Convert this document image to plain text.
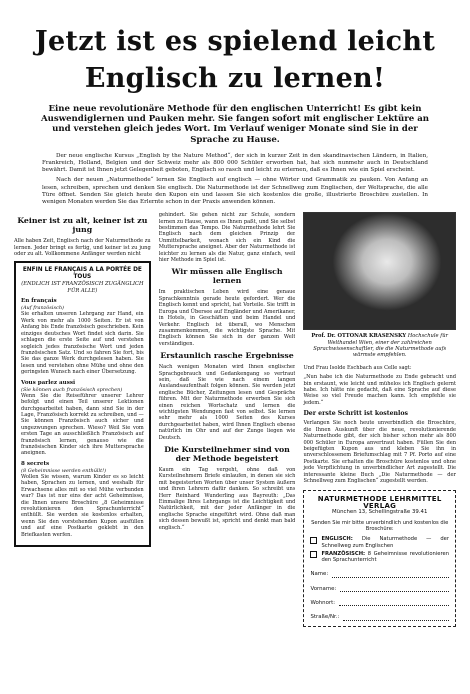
Jetzt ist es spielend leicht
Englisch zu lernen!
Eine neue revolutionäre Methode für den englischen Unterricht! Es gibt kein Auswendiglernen und Pauken mehr. Sie fangen sofort mit englischer Lektüre an und verstehen gleich jedes Wort. Im Verlauf weniger Monate sind Sie in der Sprache zu Hause.

Der neue englische Kursus „English by the Nature Method“, der sich in kurzer Zeit in den skandinavischen Ländern, in Italien, Frankreich, Holland, Belgien und der Schweiz mehr als 800 000 Schüler erworben hat, hat sich nunmehr auch in Deutschland bewährt. Damit ist Ihnen jetzt Gelegenheit geboten, Englisch so rasch und leicht zu erlernen, daß es Ihnen wie ein Spiel erscheint.

Nach der neuen „Naturmethode“ lernen Sie Englisch auf englisch — ohne Wörter und Grammatik zu pauken. Von Anfang an lesen, schreiben, sprechen und denken Sie englisch. Die Naturmethode ist der Schnellweg zum Englischen, der Weltsprache, die alle Türe öffnet. Senden Sie gleich heute den Kupon ein und lassen Sie sich kostenlos die große, illustrierte Broschüre zustellen. In wenigen Monaten werden Sie das Erlernte schon in der Praxis anwenden können.

Keiner ist zu alt, keiner ist zu jung

Alle haben Zeit, Englisch nach der Naturmethode zu lernen. Jeder bringt es fertig, und keiner ist zu jung oder zu alt. Vollkommene Anfänger werden nicht

ENFIN LE FRANÇAIS A LA PORTÉE DE TOUS
(ENDLICH IST FRANZÖSISCH ZUGÄNGLICH FÜR ALLE)
En français
(Auf französisch)

Sie erhalten unseren Lehrgang zur Hand, ein Werk von mehr als 1000 Seiten. Er ist von Anfang bis Ende französisch geschrieben. Kein einziges deutsches Wort findet sich darin. Sie schlagen die erste Seite auf und verstehen sogleich jedes französische Wort und jeden französischen Satz. Und so fahren Sie fort, bis Sie das ganze Werk durchgelesen haben. Sie lesen und verstehen ohne Mühe und ohne den geringsten Wunsch nach einer Übersetzung.

Vous parlez aussi
(Sie können auch französisch sprechen)

Wenn Sie die Reiseführer unserer Lehrer befolgt und einen Teil unserer Lektionen durchgearbeitet haben, dann sind Sie in der Lage, Französisch korrekt zu schreiben, und — Sie können Französisch auch sicher und ungezwungen sprechen. Wieso? Weil Sie vom ersten Tage an ausschließlich Französisch auf französisch lernen, genauso wie die französischen Kinder sich ihre Muttersprache aneignen.

8 secrets
(8 Geheimnisse werden enthüllt!)

Wollen Sie wissen, warum Kinder es so leicht haben, Sprachen zu lernen, und weshalb für Erwachsene alles mit so viel Mühe verbunden war? Das ist nur eins der acht Geheimnisse, die Ihnen unsere Broschüre „8 Geheimnisse revolutionieren den Sprachunterricht“ enthüllt. Sie werden sie kostenlos erhalten, wenn Sie den vorstehenden Kupon ausfüllen und auf eine Postkarte geklebt in den Briefkasten werfen.

gehindert. Sie gehen nicht zur Schule, sondern lernen zu Hause, wann es Ihnen paßt, und Sie selbst bestimmen das Tempo. Die Naturmethode lehrt Sie Englisch nach dem gleichen Prinzip der Unmittelbarkeit, wonach sich ein Kind die Muttersprache aneignet. Aber der Naturmethode ist leichter zu lernen als die Natur, ganz einfach, weil hier Methode im Spiel ist.

Wir müssen alle Englisch lernen

Im praktischen Leben wird eine genaue Sprachkenntnis gerade heute gefordert. Wer die Englisch kennt und spricht, hat Vorteile. Sie trifft in Europa und Übersee auf Engländer und Amerikaner, in Hotels, in Geschäften und beim Handel und Verkehr. Englisch ist überall, wo Menschen zusammenkommen, die wichtigste Sprache. Mit Englisch können Sie sich in der ganzen Welt verständigen.

Erstaunlich rasche Ergebnisse

Nach wenigen Monaten wird Ihnen englischer Sprachgebrauch und Gedankengang so vertraut sein, daß Sie wie nach einem langen Auslandsaufenthalt folgen können. Sie werden jetzt englische Bücher, Zeitungen lesen und Gespräche führen. Mit der Naturmethode erwerben Sie sich einen reichen Wortschatz und lernen die wichtigsten Wendungen fast von selbst. Sie lernen sehr mehr als 1000 Seiten des Kurses durchgearbeitet haben, wird Ihnen Englisch ebenso natürlich im Ohr und auf der Zunge liegen wie Deutsch.

Die Kursteilnehmer sind von der Methode begeistert

Kaum ein Tag vergeht, ohne daß von Kursteilnehmern Briefe einlaufen, in denen sie sich mit begeisterten Worten über unser System äußern und ihren Lehrern dafür danken. So schreibt uns Herr Reinhard Wunderling aus Bayreuth: „Das Einmalige Ihres Lehrgangs ist die Leichtigkeit und Natürlichkeit, mit der jeder Anfänger in die englische Sprache eingeführt wird. Ohne daß man sich dessen bewußt ist, spricht und denkt man bald englisch.“

Prof. Dr. OTTONAR KRASENSKY Hochschule für Welthandel Wien, einer der zahlreichen Sprachwissenschaftler, die die Naturmethode aufs wärmste empfehlen.

Und Frau Isolde Eschbach aus Celle sagt:

„Nun habe ich die Naturmethode zu Ende gebracht und bin erstaunt, wie leicht und mühelos ich Englisch gelernt habe. Ich hätte nie gedacht, daß eine Sprache auf diese Weise so viel Freude machen kann. Ich empfehle sie jedem.“

Der erste Schritt ist kostenlos

Verlangen Sie noch heute unverbindlich die Broschüre, die Ihnen Auskunft über die neue, revolutionierende Naturmethode gibt, der sich bisher schon mehr als 800 000 Schüler in Europa anvertraut haben. Füllen Sie den beigefügten Kupon aus und kleben Sie ihn in unverschlossenem Briefumschlag mit 7 Pf. Porto auf eine Postkarte. Sie erhalten die Broschüre kostenlos und ohne jede Verpflichtung in unverbindlicher Art zugestellt. Die interessante kleine Buch „Die Naturmethode — der Schnellweg zum Englischen“ zugestellt werden.

NATURMETHODE LEHRMITTEL VERLAG
München 13, Schellingstraße 39.41
Senden Sie mir bitte unverbindlich und kostenlos die Broschüre:
ENGLISCH: Die Naturmethode — der Schnellweg zum Englischen
FRANZÖSISCH: 8 Geheimnisse revolutionieren den Sprachunterricht
Name:
Vorname:
Wohnort:
Straße/Nr.:
